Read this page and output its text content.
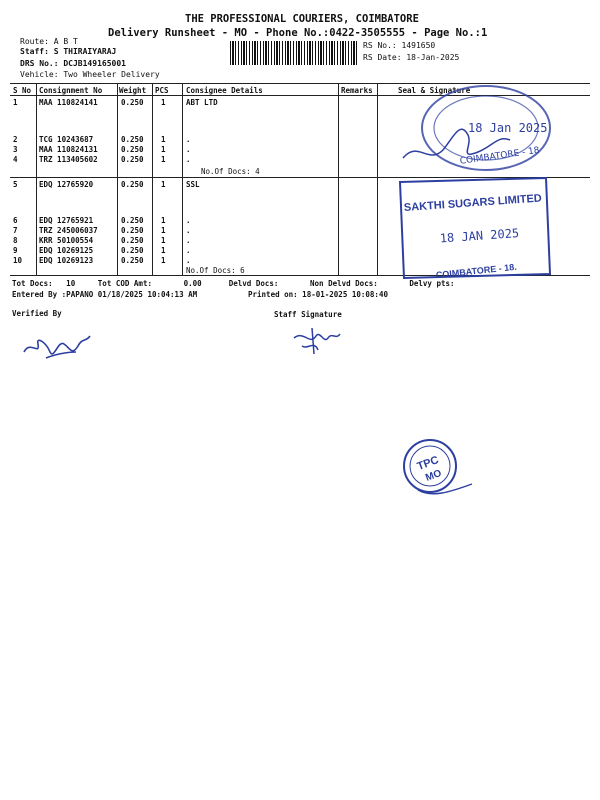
THE PROFESSIONAL COURIERS, COIMBATORE
Delivery Runsheet - MO - Phone No.:0422-3505555 - Page No.:1
Route: A B T
Staff: S THIRAIYARAJ
DRS No.: DCJB149165001
Vehicle: Two Wheeler Delivery
RS No.: 1491650
RS Date: 18-Jan-2025
S No Consignment No Weight PCS Consignee Details	Remarks	Seal & Signature
1	MAA 110824141	0.250 1	ABT LTD
2	TCG 10243687	0.250 1	.
3	MAA 110824131	0.250 1	.
4	TRZ 113405602	0.250 1	.
No.Of Docs: 4
5	EDQ 12765920	0.250 1	SSL
6	EDQ 12765921	0.250 1	.
7	TRZ 245006037	0.250 1	.
8	KRR 50100554	0.250 1	.
9	EDQ 10269125	0.250 1	.
10 EDQ 10269123	0.250 1	.
No.Of Docs: 6
Tot Docs:   10     Tot COD Amt:       0.00      Delvd Docs:       Non Delvd Docs:       Delvy pts:
Entered By :PAPANO 01/18/2025 10:04:13 AM	Printed on: 18-01-2025 10:08:40
Verified By	Staff Signature
18 Jan 2025
COIMBATORE - 18
SAKTHI SUGARS LIMITED
18 JAN 2025
COIMBATORE - 18.
TPC
MO
